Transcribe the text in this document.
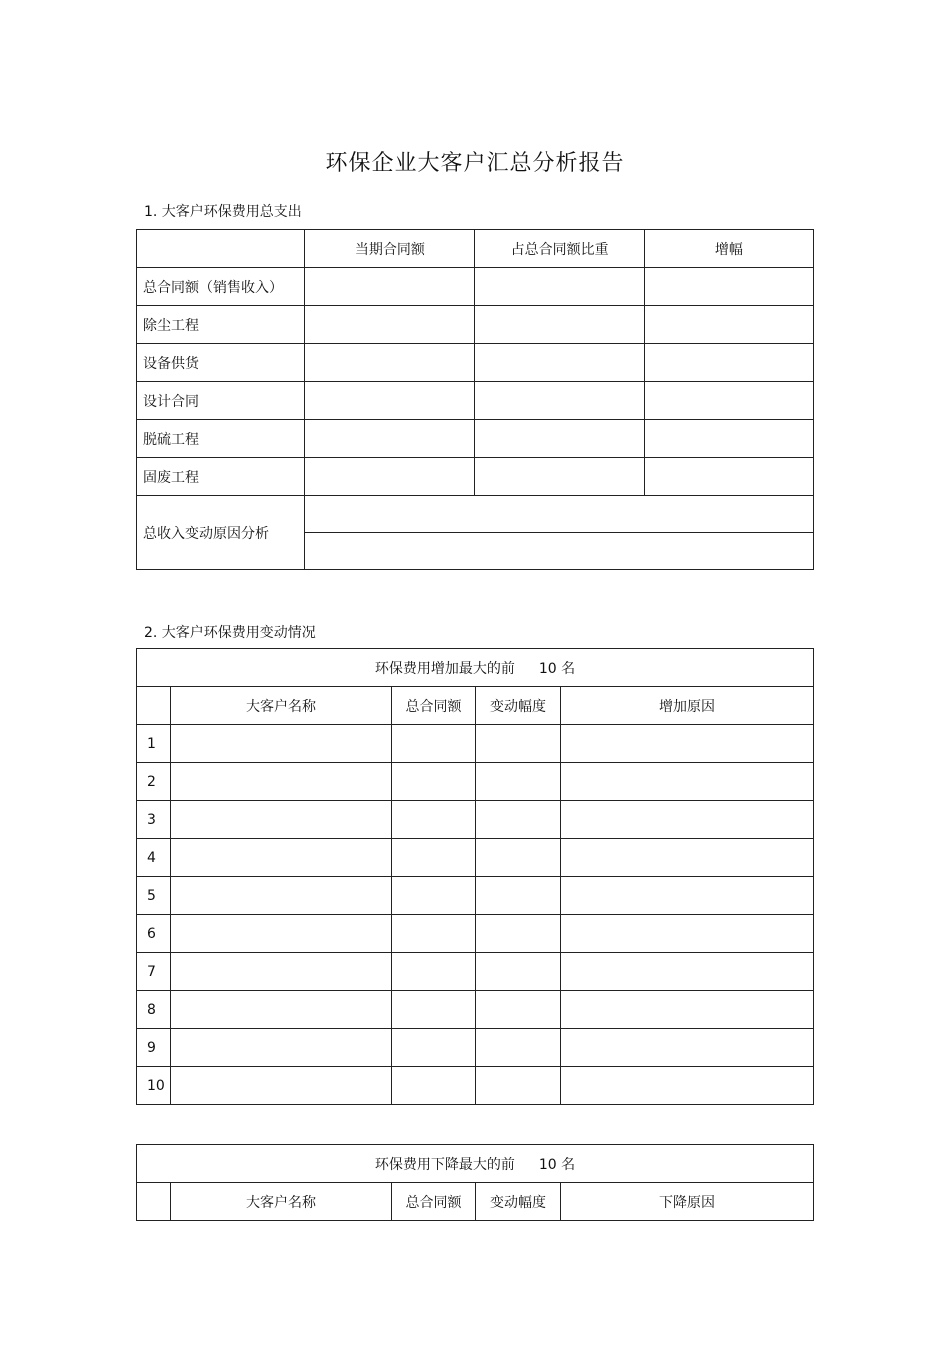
环保企业大客户汇总分析报告
1. 大客户环保费用总支出
	当期合同额	占总合同额比重	增幅
总合同额（销售收入）			
除尘工程			
设备供货			
设计合同			
脱硫工程			
固废工程			
总收入变动原因分析			

2. 大客户环保费用变动情况
环保费用增加最大的前 10 名				
	大客户名称	总合同额	变动幅度	增加原因
1				
2				
3				
4				
5				
6				
7				
8				
9				
10				
环保费用下降最大的前 10 名
	大客户名称	总合同额	变动幅度	下降原因
